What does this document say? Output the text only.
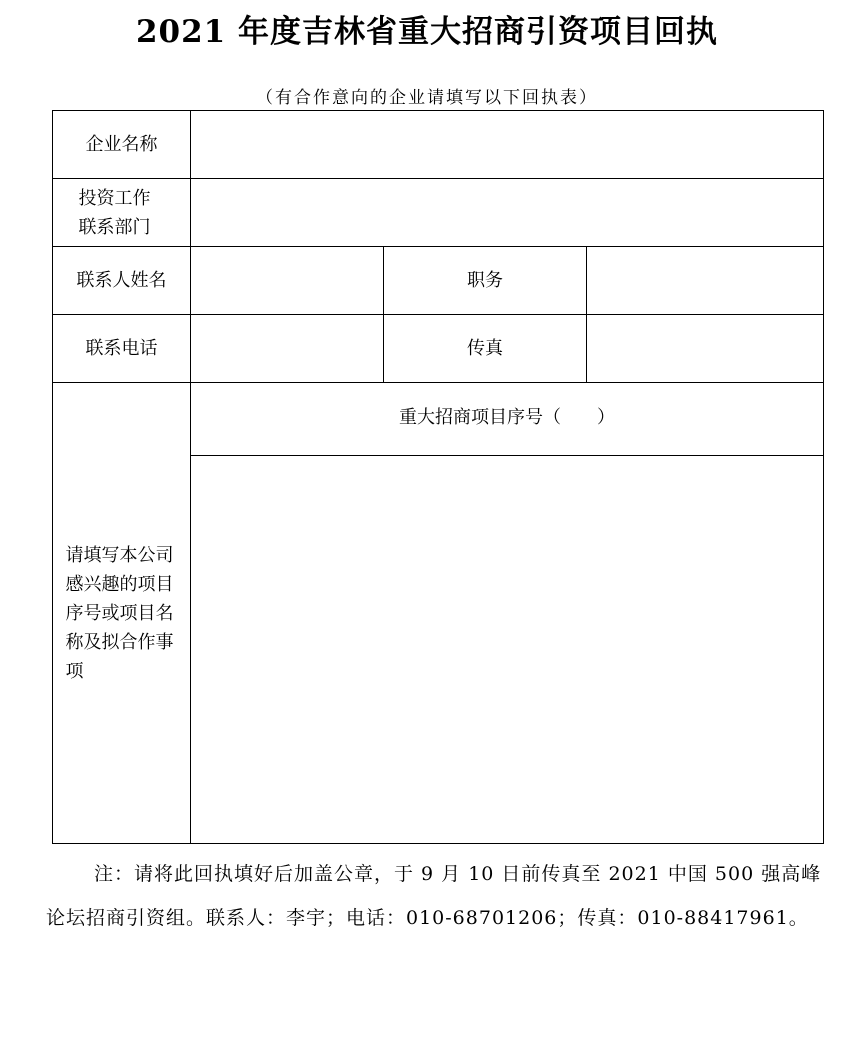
2021 年度吉林省重大招商引资项目回执
（有合作意向的企业请填写以下回执表）
企业名称			
投资工作联系部门			
联系人姓名		职务	
联系电话		传真	
请填写本公司感兴趣的项目序号或项目名称及拟合作事项	重大招商项目序号（　　）		

注：请将此回执填好后加盖公章，于 9 月 10 日前传真至 2021 中国 500 强高峰论坛招商引资组。联系人：李宇；电话：010-68701206；传真：010-88417961。
